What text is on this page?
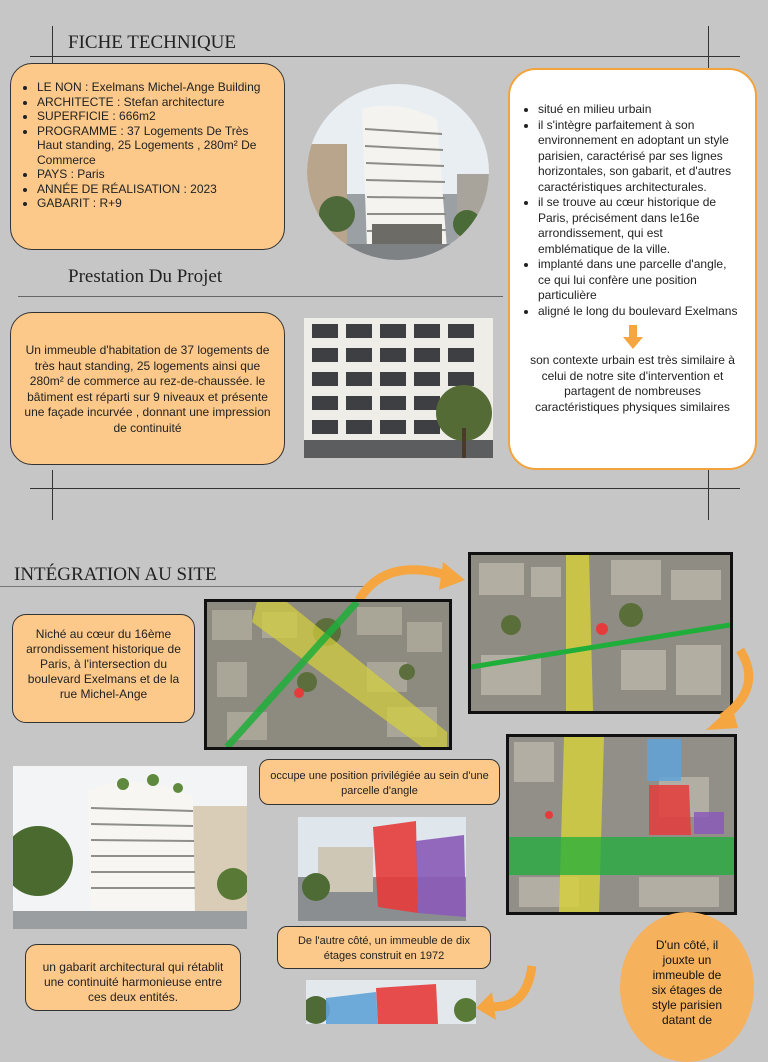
FICHE TECHNIQUE
• LE NON : Exelmans Michel-Ange Building
• ARCHITECTE : Stefan architecture
• SUPERFICIE : 666m2
• PROGRAMME : 37 Logements De Très Haut standing, 25 Logements , 280m² De Commerce
• PAYS : Paris
• ANNÉE DE RÉALISATION : 2023
• GABARIT : R+9
Prestation Du Projet
Un immeuble d'habitation de 37 logements de très haut standing, 25 logements ainsi que 280m² de commerce au rez-de-chaussée. le bâtiment est réparti sur 9 niveaux et présente une façade incurvée , donnant une impression de continuité
• situé en milieu urbain
• il s'intègre parfaitement à son environnement en adoptant un style parisien, caractérisé par ses lignes horizontales, son gabarit, et d'autres caractéristiques architecturales.
• il se trouve au cœur historique de Paris, précisément dans le16e arrondissement, qui est emblématique de la ville.
• implanté dans une parcelle d'angle, ce qui lui confère une position particulière
• aligné le long du boulevard Exelmans
son contexte urbain est très similaire à celui de notre site d'intervention et partagent de nombreuses caractéristiques physiques similaires
INTÉGRATION AU SITE
Niché au cœur du 16ème arrondissement historique de Paris, à l'intersection du boulevard Exelmans et de la rue Michel-Ange
occupe une position privilégiée au sein d'une parcelle d'angle
De l'autre côté, un immeuble de dix étages construit en 1972
un gabarit architectural qui rétablit une continuité harmonieuse entre ces deux entités.
D'un côté, il jouxte un immeuble de six étages de style parisien datant de
